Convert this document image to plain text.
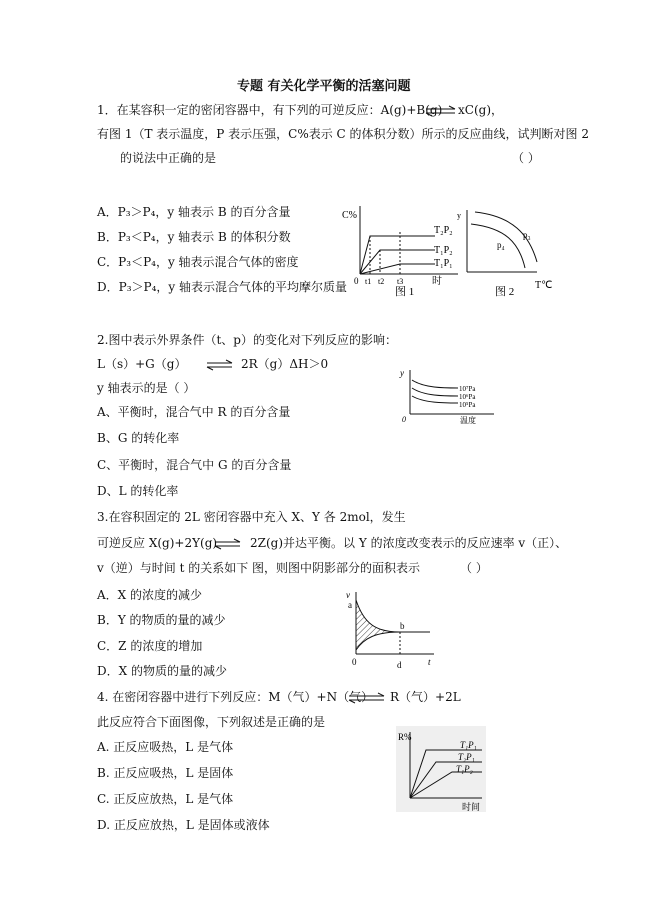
专题 有关化学平衡的活塞问题
1．在某容积一定的密闭容器中，有下列的可逆反应：A(g)+B(g) ⇌ xC(g)，
有图 1（T 表示温度，P 表示压强，C%表示 C 的体积分数）所示的反应曲线，试判断对图 2
的说法中正确的是	（ ）
A．P₃＞P₄，y 轴表示 B 的百分含量
B．P₃＜P₄，y 轴表示 B 的体积分数
C．P₃＜P₄，y 轴表示混合气体的密度
D．P₃＞P₄，y 轴表示混合气体的平均摩尔质量
C%
T₂P₂
T₁P₂
T₁P₁
0 t1 t2 t3	时
图 1
y
p₃
p₄
T℃
图 2
2.图中表示外界条件（t、p）的变化对下列反应的影响：
L（s）+G（g） ⇌ 2R（g）ΔH＞0
y 轴表示的是（ ）
A、平衡时，混合气中 R 的百分含量
B、G 的转化率
C、平衡时，混合气中 G 的百分含量
D、L 的转化率
y
10⁷Pa
10⁶Pa
10⁵Pa
温度
0
3.在容积固定的 2L 密闭容器中充入 X、Y 各 2mol，发生
可逆反应 X(g)+2Y(g) ⇌ 2Z(g)并达平衡。以 Y 的浓度改变表示的反应速率 v（正）、
v（逆）与时间 t 的关系如下 图，则图中阴影部分的面积表示	（ ）
A．X 的浓度的减少
B．Y 的物质的量的减少
C．Z 的浓度的增加
D．X 的物质的量的减少
v
a
b
0	d	t
4. 在密闭容器中进行下列反应：M（气）+N（气） ⇌ R（气）+2L
此反应符合下面图像，下列叙述是正确的是
A. 正反应吸热，L 是气体
B. 正反应吸热，L 是固体
C. 正反应放热，L 是气体
D. 正反应放热，L 是固体或液体
R%
T₁P₁
T₂P₁
T₁P₂
时间
